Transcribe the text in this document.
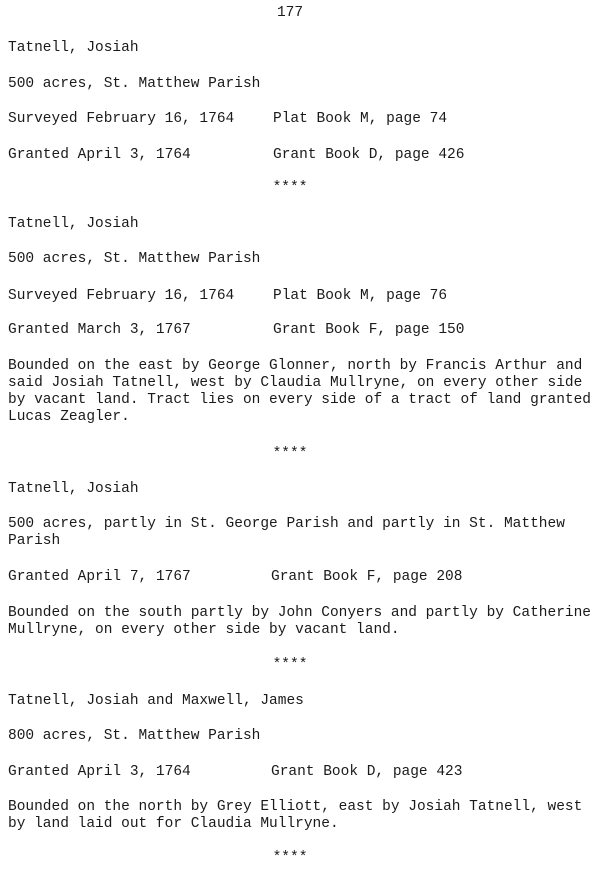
177
Tatnell, Josiah
500 acres, St. Matthew Parish
Surveyed February 16, 1764	Plat Book M, page 74
Granted April 3, 1764	Grant Book D, page 426
****
Tatnell, Josiah
500 acres, St. Matthew Parish
Surveyed February 16, 1764	Plat Book M, page 76
Granted March 3, 1767	Grant Book F, page 150
Bounded on the east by George Glonner, north by Francis Arthur and said Josiah Tatnell, west by Claudia Mullryne, on every other side by vacant land. Tract lies on every side of a tract of land granted Lucas Zeagler.
****
Tatnell, Josiah
500 acres, partly in St. George Parish and partly in St. Matthew Parish
Granted April 7, 1767	Grant Book F, page 208
Bounded on the south partly by John Conyers and partly by Catherine Mullryne, on every other side by vacant land.
****
Tatnell, Josiah and Maxwell, James
800 acres, St. Matthew Parish
Granted April 3, 1764	Grant Book D, page 423
Bounded on the north by Grey Elliott, east by Josiah Tatnell, west by land laid out for Claudia Mullryne.
****
